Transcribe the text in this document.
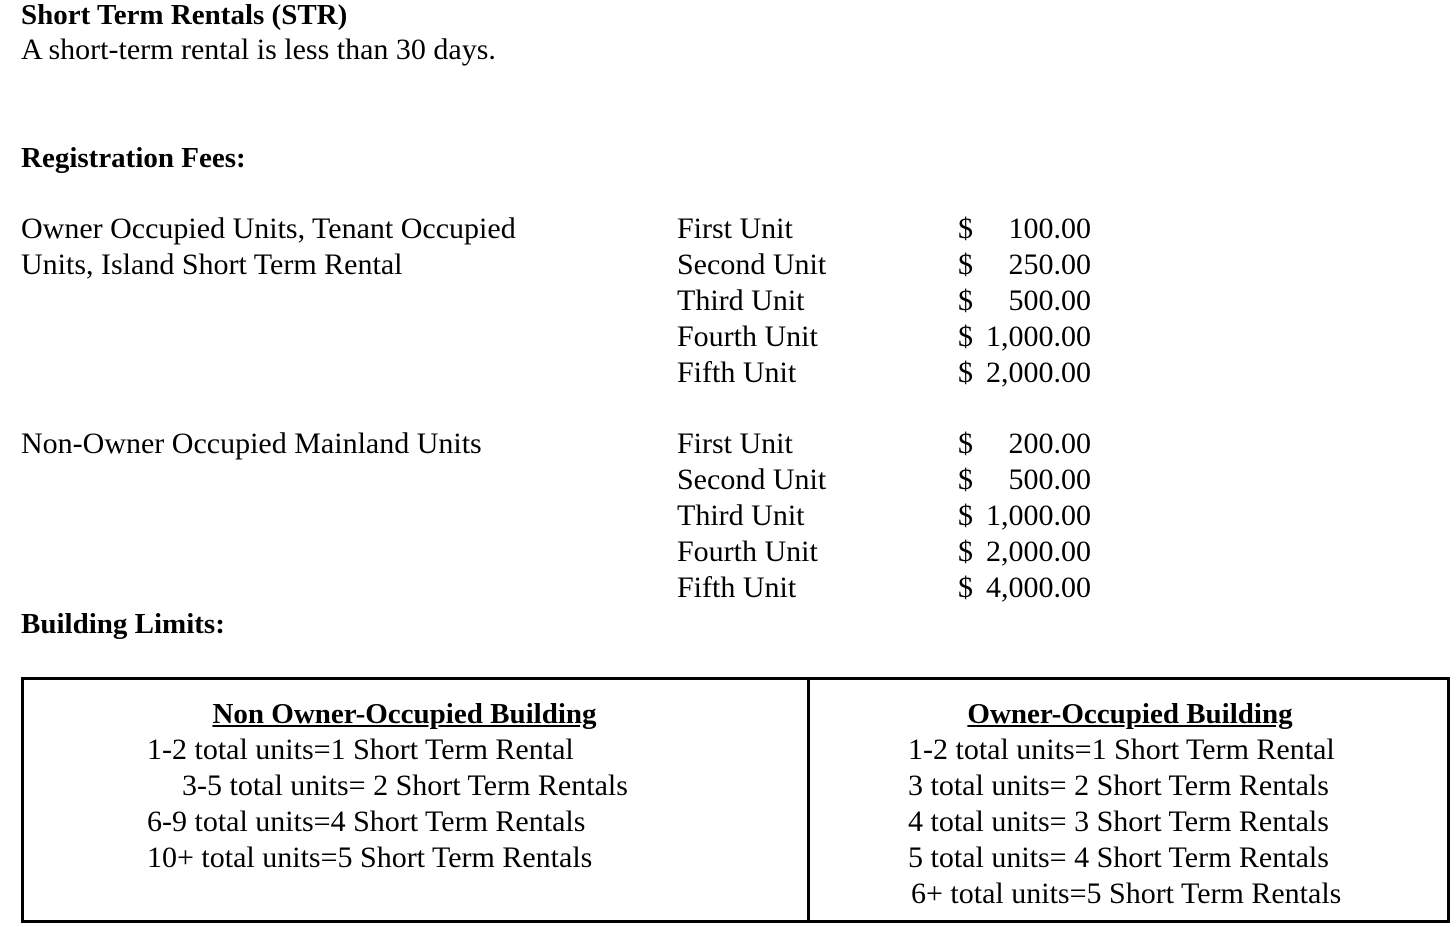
Short Term Rentals (STR)
A short-term rental is less than 30 days.
Registration Fees:
Owner Occupied Units, Tenant Occupied Units, Island Short Term Rental
First Unit	$ 100.00
Second Unit	$ 250.00
Third Unit	$ 500.00
Fourth Unit	$ 1,000.00
Fifth Unit	$ 2,000.00
Non-Owner Occupied Mainland Units	First Unit	$ 200.00
Second Unit	$ 500.00
Third Unit	$ 1,000.00
Fourth Unit	$ 2,000.00
Fifth Unit	$ 4,000.00
Building Limits:
Non Owner-Occupied Building
1-2 total units=1 Short Term Rental
3-5 total units= 2 Short Term Rentals
6-9 total units=4 Short Term Rentals
10+ total units=5 Short Term Rentals
Owner-Occupied Building
1-2 total units=1 Short Term Rental
3 total units= 2 Short Term Rentals
4 total units= 3 Short Term Rentals
5 total units= 4 Short Term Rentals
6+ total units=5 Short Term Rentals
